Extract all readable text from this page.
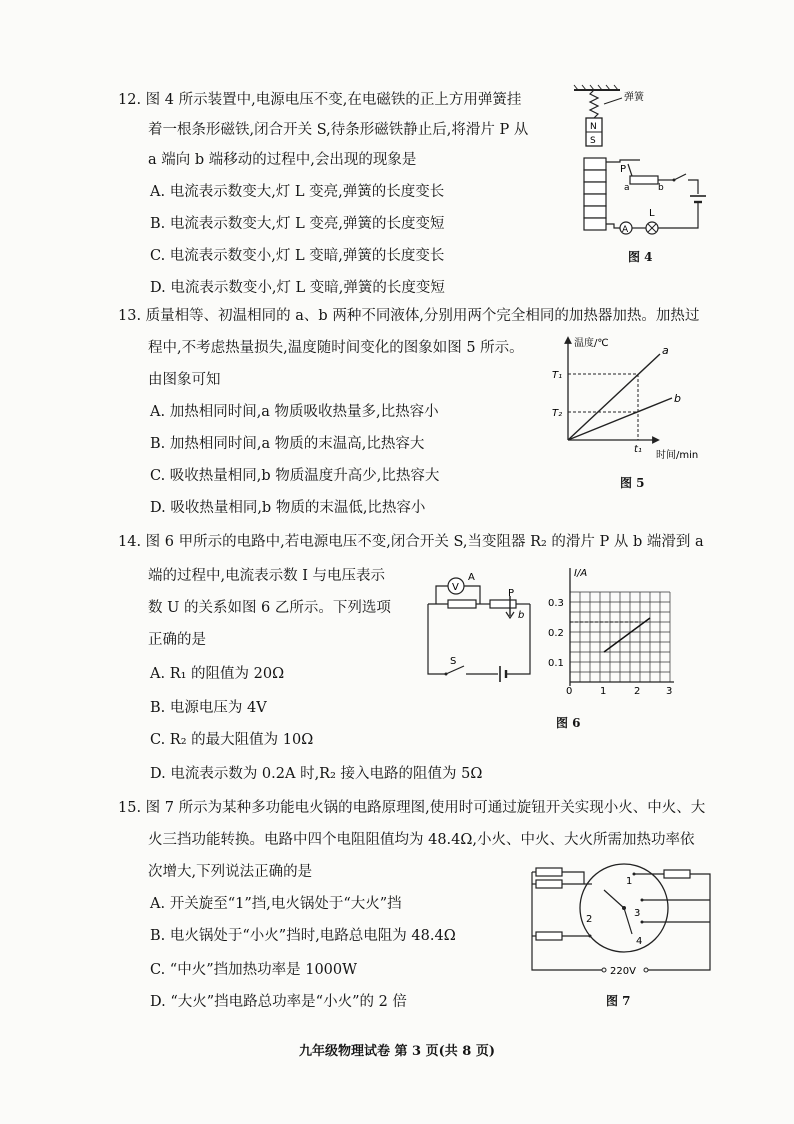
12. 图 4 所示装置中,电源电压不变,在电磁铁的正上方用弹簧挂
着一根条形磁铁,闭合开关 S,待条形磁铁静止后,将滑片 P 从
a 端向 b 端移动的过程中,会出现的现象是
A. 电流表示数变大,灯 L 变亮,弹簧的长度变长
B. 电流表示数变大,灯 L 变亮,弹簧的长度变短
C. 电流表示数变小,灯 L 变暗,弹簧的长度变长
D. 电流表示数变小,灯 L 变暗,弹簧的长度变短
弹簧
N
S
P
a	b
L
A
图 4
13. 质量相等、初温相同的 a、b 两种不同液体,分别用两个完全相同的加热器加热。加热过
程中,不考虑热量损失,温度随时间变化的图象如图 5 所示。
由图象可知
A. 加热相同时间,a 物质吸收热量多,比热容小
B. 加热相同时间,a 物质的末温高,比热容大
C. 吸收热量相同,b 物质温度升高少,比热容大
D. 吸收热量相同,b 物质的末温低,比热容小
温度/℃
时间/min
a
b
T₁
T₂
t₁
图 5
14. 图 6 甲所示的电路中,若电源电压不变,闭合开关 S,当变阻器 R₂ 的滑片 P 从 b 端滑到 a
端的过程中,电流表示数 I 与电压表示
数 U 的关系如图 6 乙所示。下列选项
正确的是
A. R₁ 的阻值为 20Ω
B. 电源电压为 4V
C. R₂ 的最大阻值为 10Ω
D. 电流表示数为 0.2A 时,R₂ 接入电路的阻值为 5Ω
V
A
P
b
S
I/A
0.3
0.2
0.1
0	1	2	3
图 6
15. 图 7 所示为某种多功能电火锅的电路原理图,使用时可通过旋钮开关实现小火、中火、大
火三挡功能转换。电路中四个电阻阻值均为 48.4Ω,小火、中火、大火所需加热功率依
次增大,下列说法正确的是
A. 开关旋至“1”挡,电火锅处于“大火”挡
B. 电火锅处于“小火”挡时,电路总电阻为 48.4Ω
C. “中火”挡加热功率是 1000W
D. “大火”挡电路总功率是“小火”的 2 倍
1
2
3
4
220V
图 7
九年级物理试卷 第 3 页(共 8 页)
